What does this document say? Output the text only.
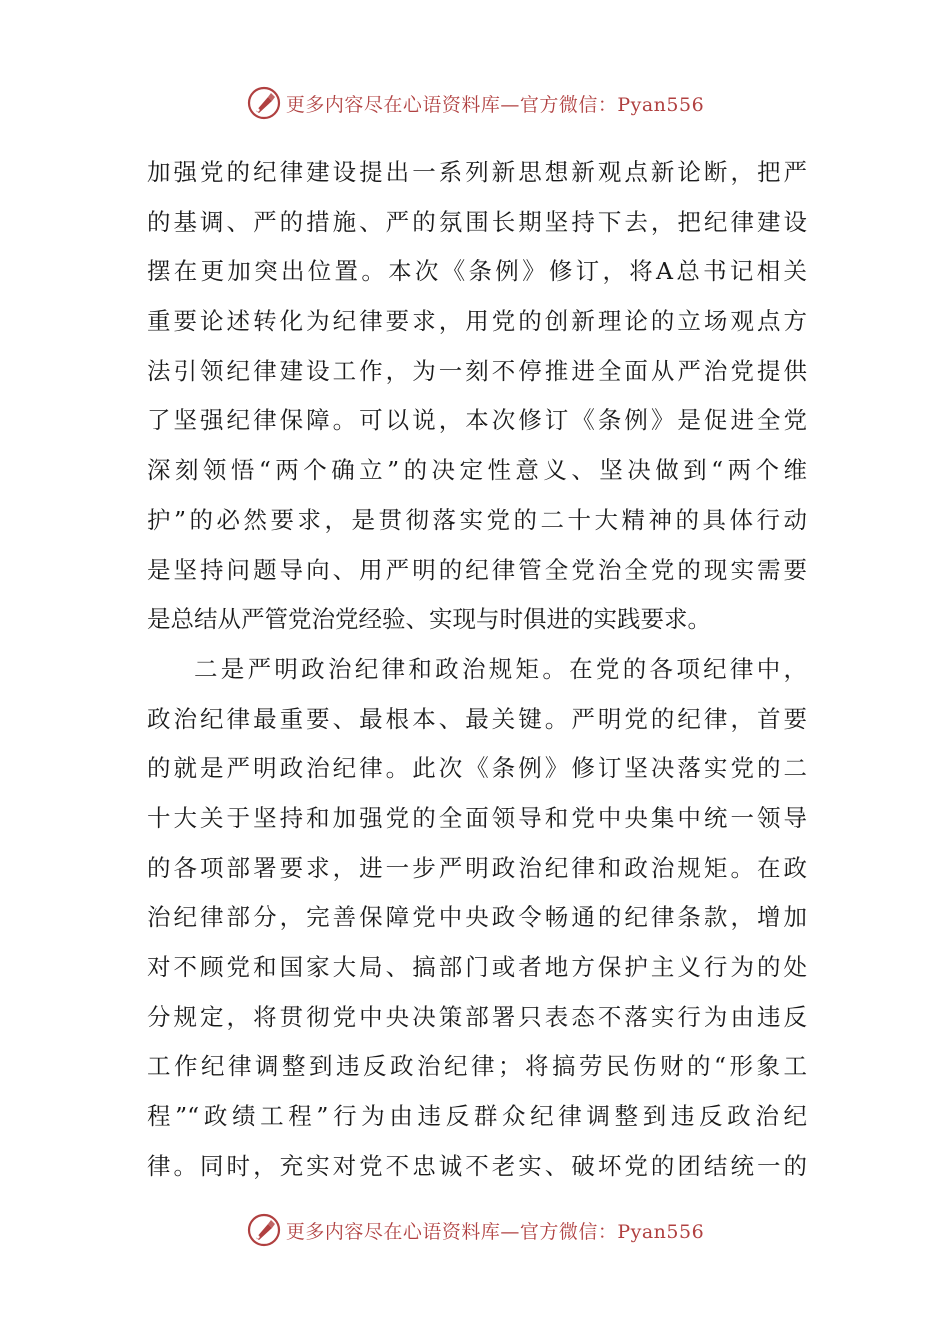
更多内容尽在心语资料库—官方微信：Pyan556
加强党的纪律建设提出一系列新思想新观点新论断，把严
的基调、严的措施、严的氛围长期坚持下去，把纪律建设
摆在更加突出位置。本次《条例》修订，将A总书记相关
重要论述转化为纪律要求，用党的创新理论的立场观点方
法引领纪律建设工作，为一刻不停推进全面从严治党提供
了坚强纪律保障。可以说，本次修订《条例》是促进全党
深刻领悟“两个确立”的决定性意义、坚决做到“两个维
护”的必然要求，是贯彻落实党的二十大精神的具体行动
是坚持问题导向、用严明的纪律管全党治全党的现实需要
是总结从严管党治党经验、实现与时俱进的实践要求。
二是严明政治纪律和政治规矩。在党的各项纪律中，
政治纪律最重要、最根本、最关键。严明党的纪律，首要
的就是严明政治纪律。此次《条例》修订坚决落实党的二
十大关于坚持和加强党的全面领导和党中央集中统一领导
的各项部署要求，进一步严明政治纪律和政治规矩。在政
治纪律部分，完善保障党中央政令畅通的纪律条款，增加
对不顾党和国家大局、搞部门或者地方保护主义行为的处
分规定，将贯彻党中央决策部署只表态不落实行为由违反
工作纪律调整到违反政治纪律；将搞劳民伤财的“形象工
程”“政绩工程”行为由违反群众纪律调整到违反政治纪
律。同时，充实对党不忠诚不老实、破坏党的团结统一的
更多内容尽在心语资料库—官方微信：Pyan556
